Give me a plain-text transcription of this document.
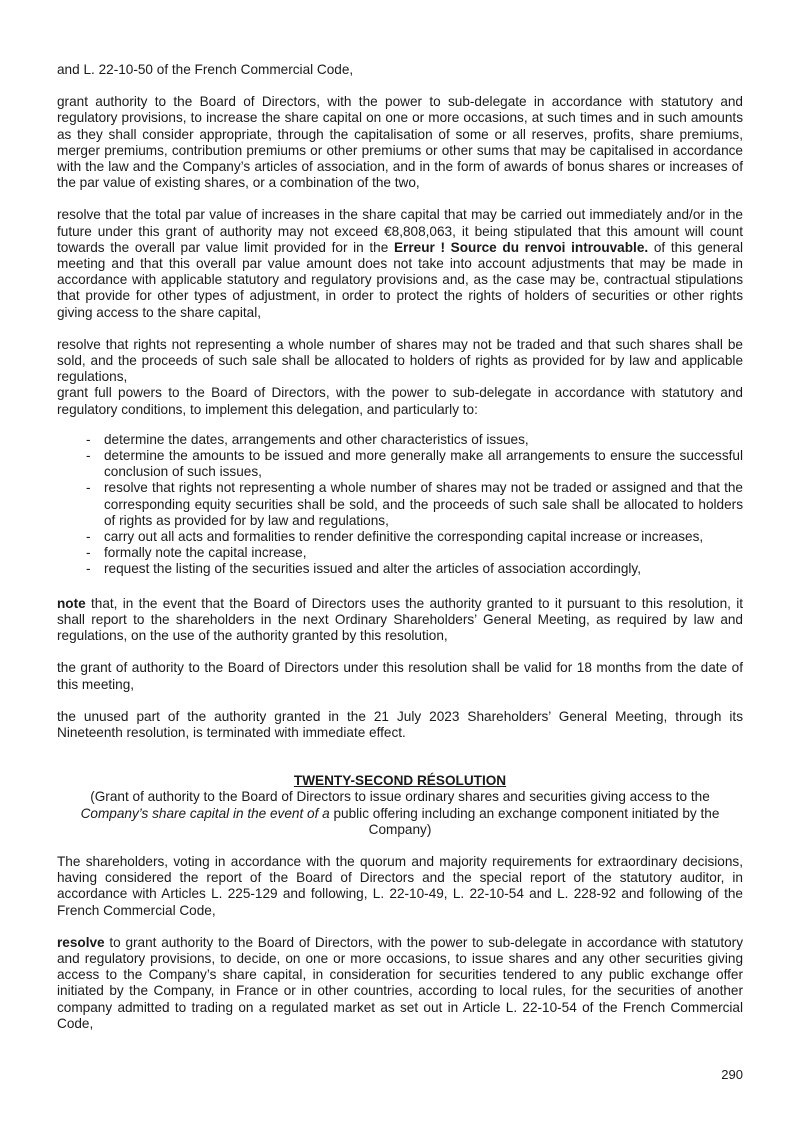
and L. 22-10-50 of the French Commercial Code,

grant authority to the Board of Directors, with the power to sub-delegate in accordance with statutory and regulatory provisions, to increase the share capital on one or more occasions, at such times and in such amounts as they shall consider appropriate, through the capitalisation of some or all reserves, profits, share premiums, merger premiums, contribution premiums or other premiums or other sums that may be capitalised in accordance with the law and the Company’s articles of association, and in the form of awards of bonus shares or increases of the par value of existing shares, or a combination of the two,

resolve that the total par value of increases in the share capital that may be carried out immediately and/or in the future under this grant of authority may not exceed €8,808,063, it being stipulated that this amount will count towards the overall par value limit provided for in the Erreur ! Source du renvoi introuvable. of this general meeting and that this overall par value amount does not take into account adjustments that may be made in accordance with applicable statutory and regulatory provisions and, as the case may be, contractual stipulations that provide for other types of adjustment, in order to protect the rights of holders of securities or other rights giving access to the share capital,

resolve that rights not representing a whole number of shares may not be traded and that such shares shall be sold, and the proceeds of such sale shall be allocated to holders of rights as provided for by law and applicable regulations,

grant full powers to the Board of Directors, with the power to sub-delegate in accordance with statutory and regulatory conditions, to implement this delegation, and particularly to:

- determine the dates, arrangements and other characteristics of issues,
- determine the amounts to be issued and more generally make all arrangements to ensure the successful conclusion of such issues,
- resolve that rights not representing a whole number of shares may not be traded or assigned and that the corresponding equity securities shall be sold, and the proceeds of such sale shall be allocated to holders of rights as provided for by law and regulations,
- carry out all acts and formalities to render definitive the corresponding capital increase or increases,
- formally note the capital increase,
- request the listing of the securities issued and alter the articles of association accordingly,

note that, in the event that the Board of Directors uses the authority granted to it pursuant to this resolution, it shall report to the shareholders in the next Ordinary Shareholders’ General Meeting, as required by law and regulations, on the use of the authority granted by this resolution,

the grant of authority to the Board of Directors under this resolution shall be valid for 18 months from the date of this meeting,

the unused part of the authority granted in the 21 July 2023 Shareholders’ General Meeting, through its Nineteenth resolution, is terminated with immediate effect.

TWENTY-SECOND RÉSOLUTION

(Grant of authority to the Board of Directors to issue ordinary shares and securities giving access to the Company’s share capital in the event of a public offering including an exchange component initiated by the Company)

The shareholders, voting in accordance with the quorum and majority requirements for extraordinary decisions, having considered the report of the Board of Directors and the special report of the statutory auditor, in accordance with Articles L. 225-129 and following, L. 22-10-49, L. 22-10-54 and L. 228-92 and following of the French Commercial Code,

resolve to grant authority to the Board of Directors, with the power to sub-delegate in accordance with statutory and regulatory provisions, to decide, on one or more occasions, to issue shares and any other securities giving access to the Company’s share capital, in consideration for securities tendered to any public exchange offer initiated by the Company, in France or in other countries, according to local rules, for the securities of another company admitted to trading on a regulated market as set out in Article L. 22-10-54 of the French Commercial Code,

290
